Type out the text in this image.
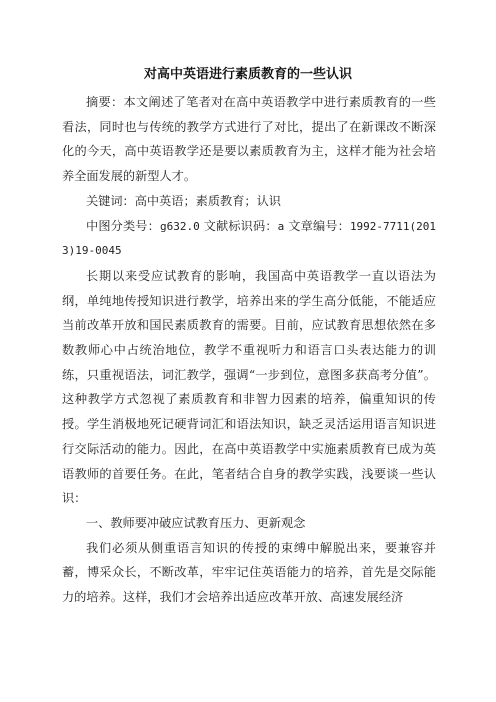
对高中英语进行素质教育的一些认识

摘要：本文阐述了笔者对在高中英语教学中进行素质教育的一些看法，同时也与传统的教学方式进行了对比，提出了在新课改不断深化的今天，高中英语教学还是要以素质教育为主，这样才能为社会培养全面发展的新型人才。

关键词：高中英语；素质教育；认识

中图分类号：g632.0 文献标识码：a 文章编号：1992-7711(2013)19-0045

长期以来受应试教育的影响，我国高中英语教学一直以语法为纲，单纯地传授知识进行教学，培养出来的学生高分低能，不能适应当前改革开放和国民素质教育的需要。目前，应试教育思想依然在多数教师心中占统治地位，教学不重视听力和语言口头表达能力的训练，只重视语法，词汇教学，强调“一步到位，意图多获高考分值”。这种教学方式忽视了素质教育和非智力因素的培养，偏重知识的传授。学生消极地死记硬背词汇和语法知识，缺乏灵活运用语言知识进行交际活动的能力。因此，在高中英语教学中实施素质教育已成为英语教师的首要任务。在此，笔者结合自身的教学实践，浅要谈一些认识：

一、教师要冲破应试教育压力、更新观念

我们必须从侧重语言知识的传授的束缚中解脱出来，要兼容并蓄，博采众长，不断改革，牢牢记住英语能力的培养，首先是交际能力的培养。这样，我们才会培养出适应改革开放、高速发展经济
